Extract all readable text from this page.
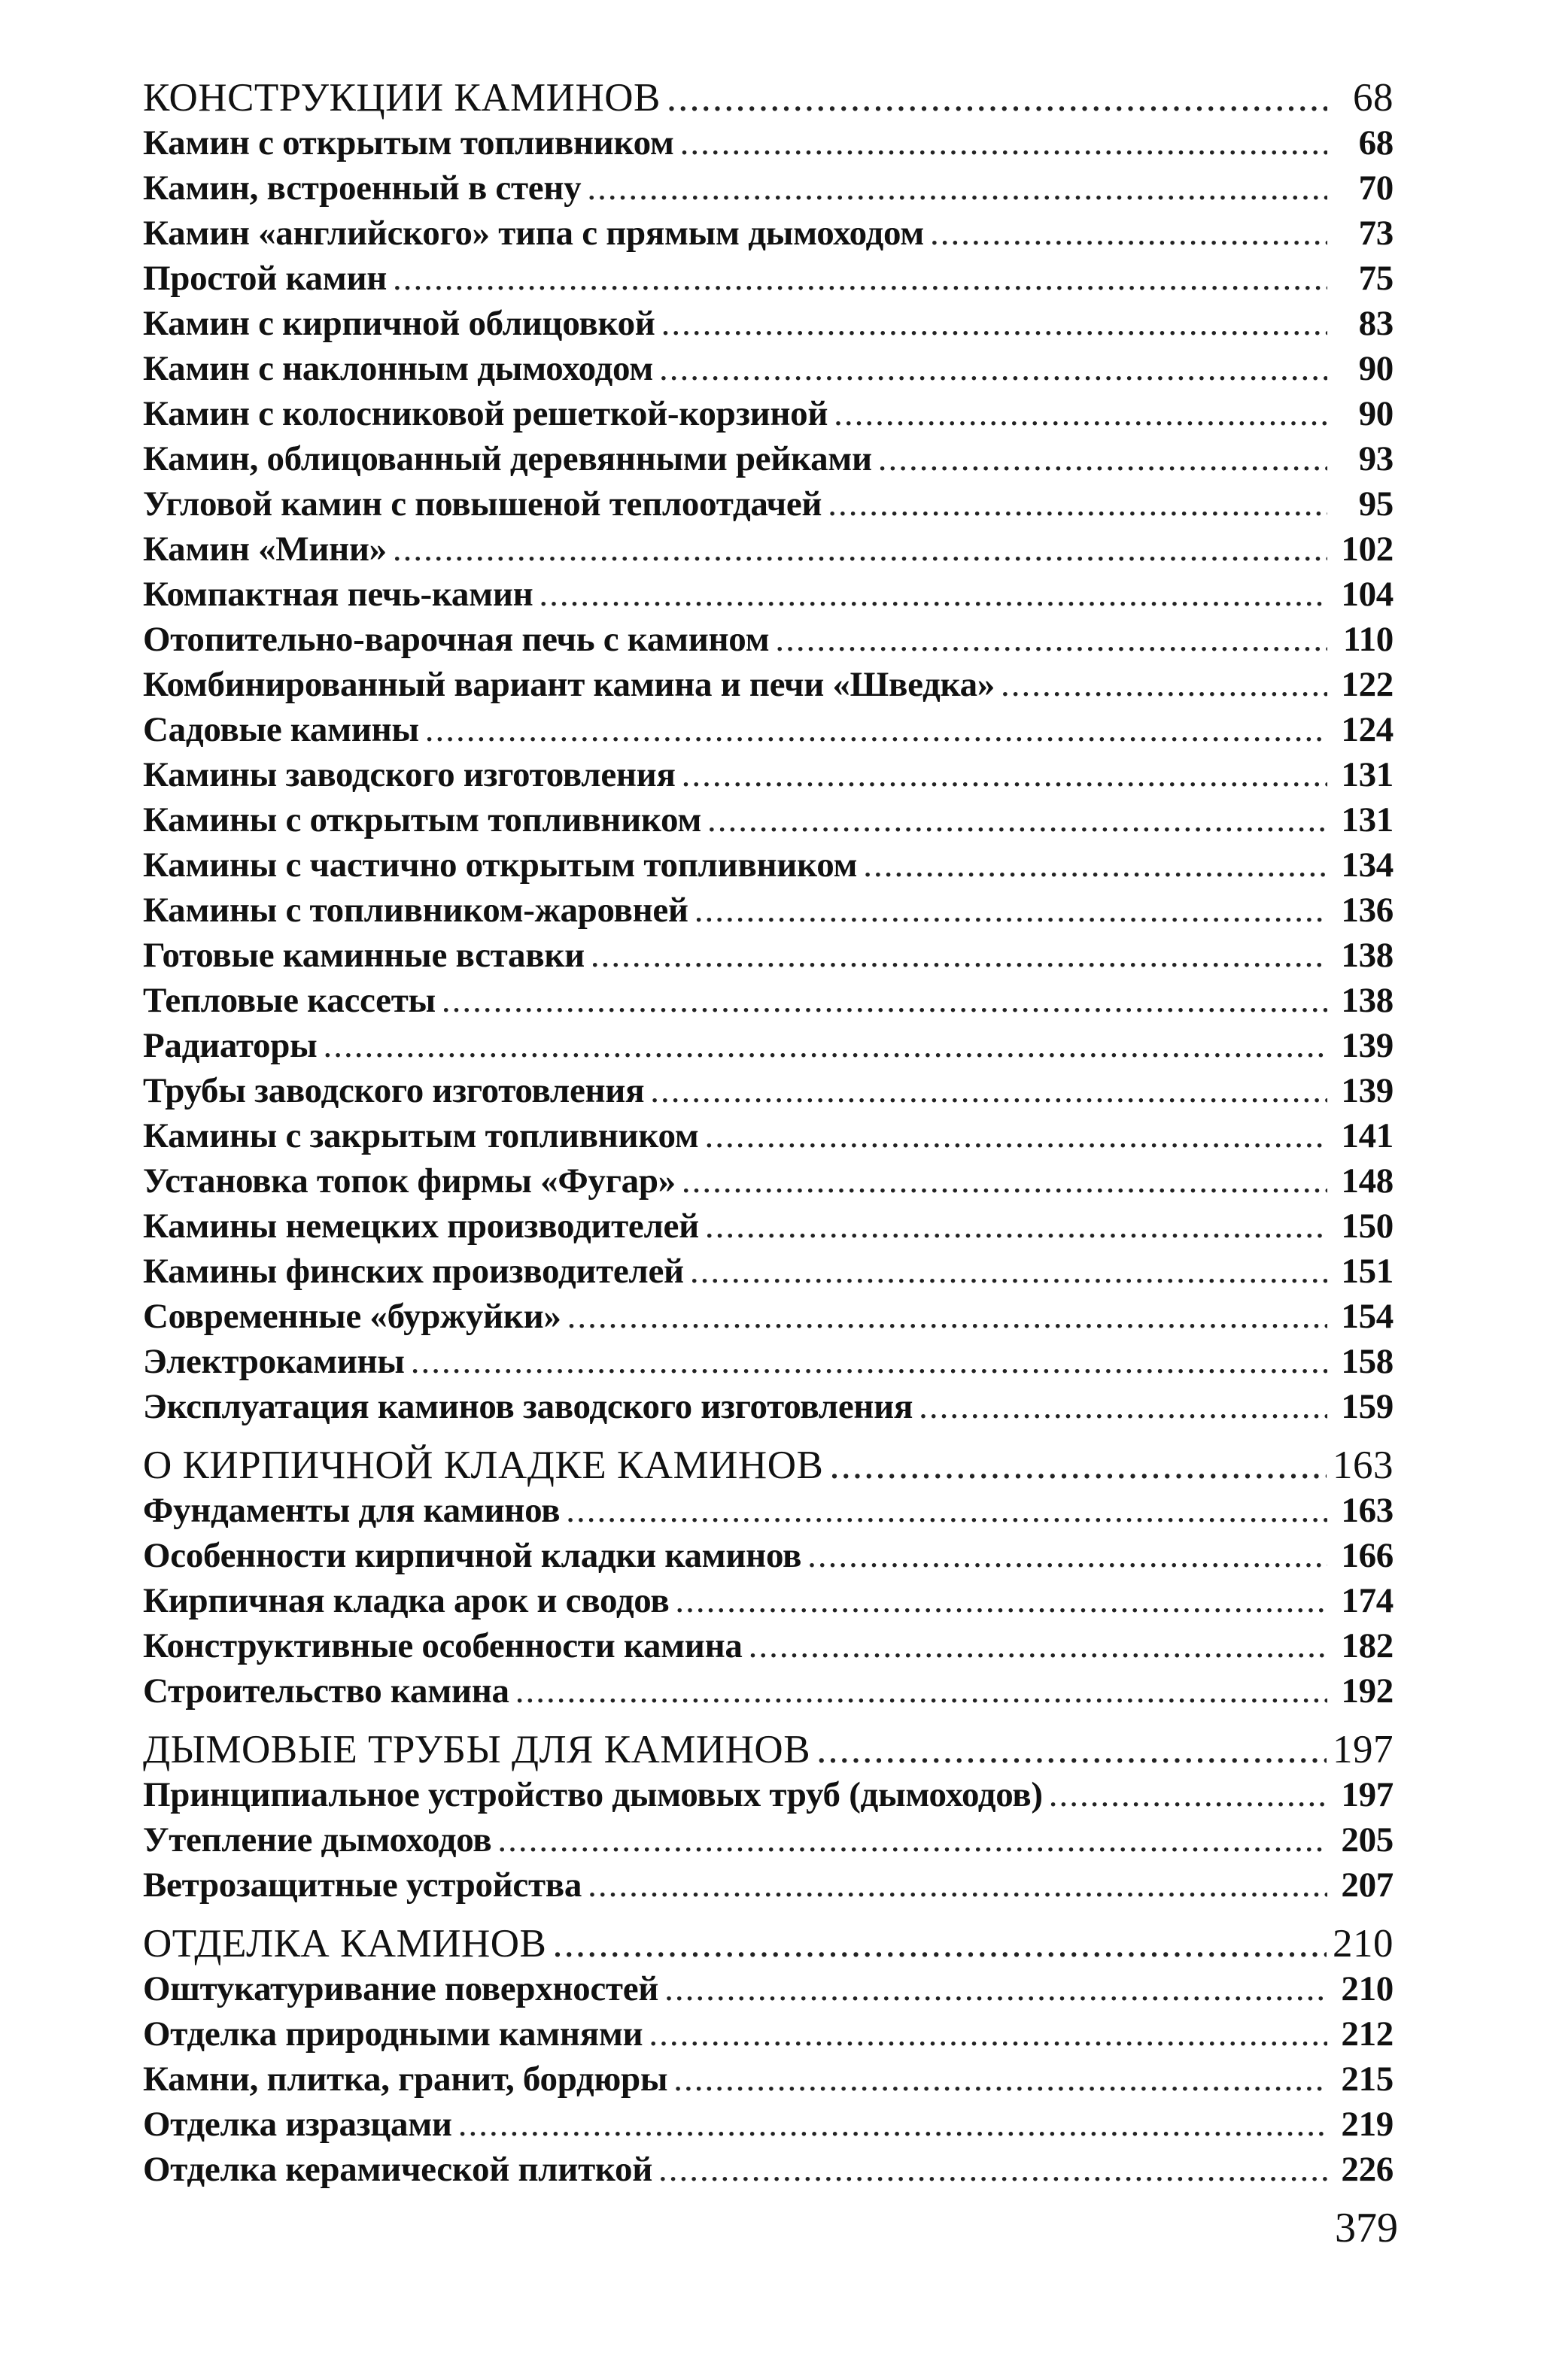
КОНСТРУКЦИИ КАМИНОВ .....	68
Камин с открытым топливником .....	68
Камин, встроенный в стену .....	70
Камин «английского» типа с прямым дымоходом .....	73
Простой камин .....	75
Камин с кирпичной облицовкой .....	83
Камин с наклонным дымоходом .....	90
Камин с колосниковой решеткой-корзиной .....	90
Камин, облицованный деревянными рейками .....	93
Угловой камин с повышеной теплоотдачей .....	95
Камин «Мини» .....	102
Компактная печь-камин .....	104
Отопительно-варочная печь с камином .....	110
Комбинированный вариант камина и печи «Шведка» .....	122
Садовые камины .....	124
Камины заводского изготовления .....	131
Камины с открытым топливником .....	131
Камины с частично открытым топливником .....	134
Камины с топливником-жаровней .....	136
Готовые каминные вставки .....	138
Тепловые кассеты .....	138
Радиаторы .....	139
Трубы заводского изготовления .....	139
Камины с закрытым топливником .....	141
Установка топок фирмы «Фугар» .....	148
Камины немецких производителей .....	150
Камины финских производителей .....	151
Современные «буржуйки» .....	154
Электрокамины .....	158
Эксплуатация каминов заводского изготовления .....	159
О КИРПИЧНОЙ КЛАДКЕ КАМИНОВ .....	163
Фундаменты для каминов .....	163
Особенности кирпичной кладки каминов .....	166
Кирпичная кладка арок и сводов .....	174
Конструктивные особенности камина .....	182
Строительство камина .....	192
ДЫМОВЫЕ ТРУБЫ ДЛЯ КАМИНОВ .....	197
Принципиальное устройство дымовых труб (дымоходов) .....	197
Утепление дымоходов .....	205
Ветрозащитные устройства .....	207
ОТДЕЛКА КАМИНОВ .....	210
Оштукатуривание поверхностей .....	210
Отделка природными камнями .....	212
Камни, плитка, гранит, бордюры .....	215
Отделка изразцами .....	219
Отделка керамической плиткой .....	226
379
